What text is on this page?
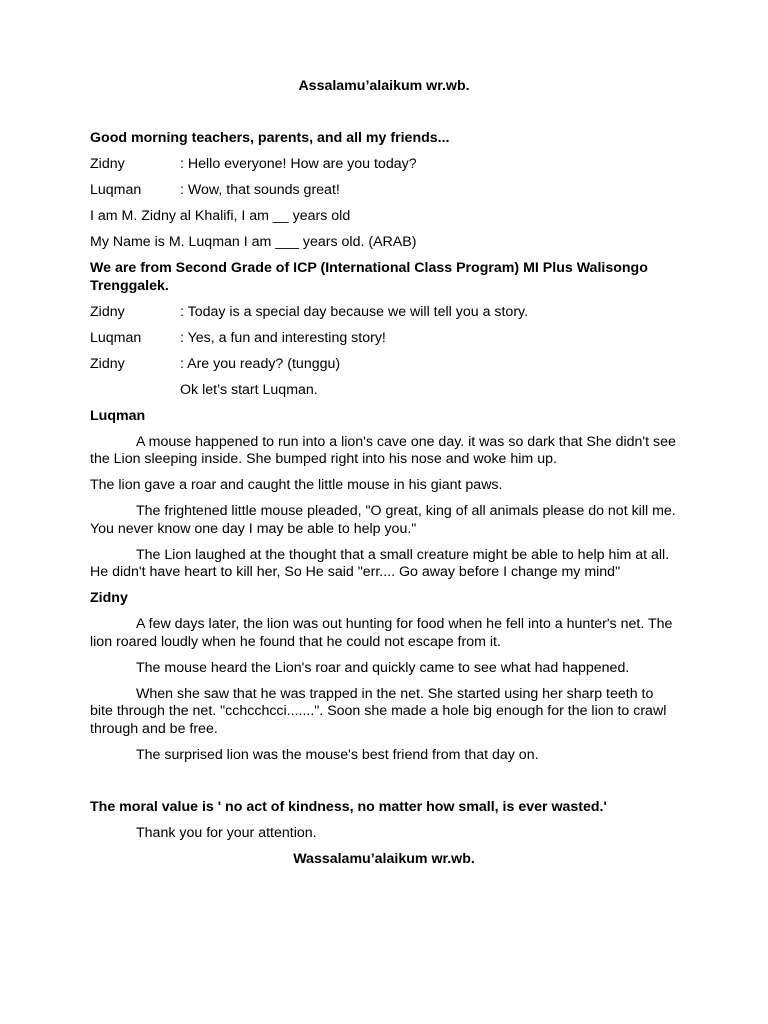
Assalamu’alaikum wr.wb.
Good morning teachers, parents, and all my friends...
Zidny	: Hello everyone! How are you today?
Luqman	: Wow, that sounds great!
I am M. Zidny al Khalifi, I am __ years old
My Name is M. Luqman I am ___ years old. (ARAB)
We are from Second Grade of ICP (International Class Program) MI Plus Walisongo Trenggalek.
Zidny	: Today is a special day because we will tell you a story.
Luqman	: Yes, a fun and interesting story!
Zidny	: Are you ready? (tunggu)
Ok let’s start Luqman.
Luqman
A mouse happened to run into a lion's cave one day. it was so dark that She didn't see the Lion sleeping inside. She bumped right into his nose and woke him up.
The lion gave a roar and caught the little mouse in his giant paws.
The frightened little mouse pleaded, "O great, king of all animals please do not kill me. You never know one day I may be able to help you."
The Lion laughed at the thought that a small creature might be able to help him at all. He didn't have heart to kill her, So He said "err.... Go away before I change my mind"
Zidny
A few days later, the lion was out hunting for food when he fell into a hunter's net. The lion roared loudly when he found that he could not escape from it.
The mouse heard the Lion's roar and quickly came to see what had happened.
When she saw that he was trapped in the net. She started using her sharp teeth to bite through the net. "cchcchcci.......". Soon she made a hole big enough for the lion to crawl through and be free.
The surprised lion was the mouse's best friend from that day on.
The moral value is ' no act of kindness, no matter how small, is ever wasted.'
Thank you for your attention.
Wassalamu’alaikum wr.wb.
